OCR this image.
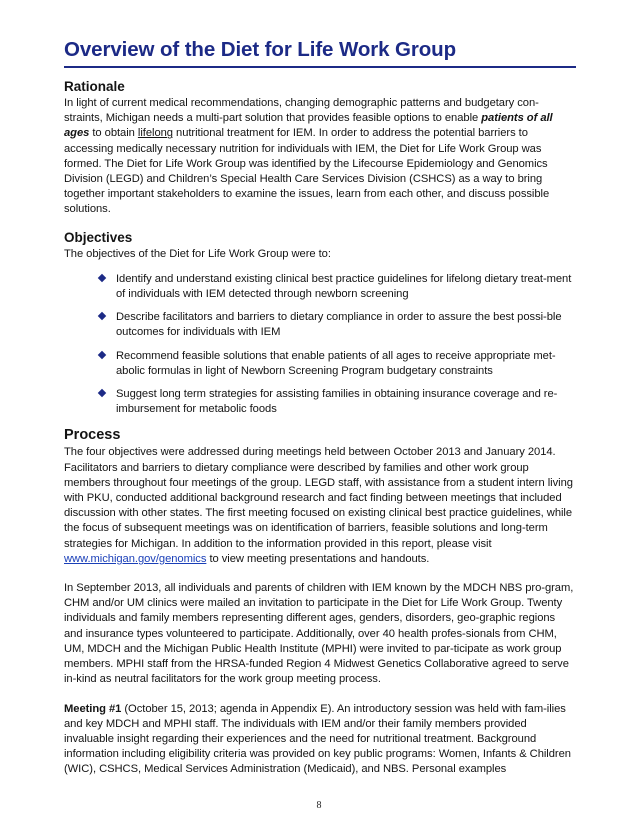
Overview of the Diet for Life Work Group
Rationale

In light of current medical recommendations, changing demographic patterns and budgetary con-straints, Michigan needs a multi-part solution that provides feasible options to enable patients of all ages to obtain lifelong nutritional treatment for IEM. In order to address the potential barriers to accessing medically necessary nutrition for individuals with IEM, the Diet for Life Work Group was formed. The Diet for Life Work Group was identified by the Lifecourse Epidemiology and Genomics Division (LEGD) and Children’s Special Health Care Services Division (CSHCS) as a way to bring together important stakeholders to examine the issues, learn from each other, and discuss possible solutions.

Objectives

The objectives of the Diet for Life Work Group were to:

Identify and understand existing clinical best practice guidelines for lifelong dietary treat-ment of individuals with IEM detected through newborn screening
Describe facilitators and barriers to dietary compliance in order to assure the best possi-ble outcomes for individuals with IEM
Recommend feasible solutions that enable patients of all ages to receive appropriate met-abolic formulas in light of Newborn Screening Program budgetary constraints
Suggest long term strategies for assisting families in obtaining insurance coverage and re-imbursement for metabolic foods
Process

The four objectives were addressed during meetings held between October 2013 and January 2014. Facilitators and barriers to dietary compliance were described by families and other work group members throughout four meetings of the group. LEGD staff, with assistance from a student intern living with PKU, conducted additional background research and fact finding between meetings that included discussion with other states. The first meeting focused on existing clinical best practice guidelines, while the focus of subsequent meetings was on identification of barriers, feasible solutions and long-term strategies for Michigan. In addition to the information provided in this report, please visit www.michigan.gov/genomics to view meeting presentations and handouts.

In September 2013, all individuals and parents of children with IEM known by the MDCH NBS pro-gram, CHM and/or UM clinics were mailed an invitation to participate in the Diet for Life Work Group. Twenty individuals and family members representing different ages, genders, disorders, geo-graphic regions and insurance types volunteered to participate. Additionally, over 40 health profes-sionals from CHM, UM, MDCH and the Michigan Public Health Institute (MPHI) were invited to par-ticipate as work group members. MPHI staff from the HRSA-funded Region 4 Midwest Genetics Collaborative agreed to serve in-kind as neutral facilitators for the work group meeting process.

Meeting #1 (October 15, 2013; agenda in Appendix E). An introductory session was held with fam-ilies and key MDCH and MPHI staff. The individuals with IEM and/or their family members provided invaluable insight regarding their experiences and the need for nutritional treatment. Background information including eligibility criteria was provided on key public programs: Women, Infants & Children (WIC), CSHCS, Medical Services Administration (Medicaid), and NBS. Personal examples

8
